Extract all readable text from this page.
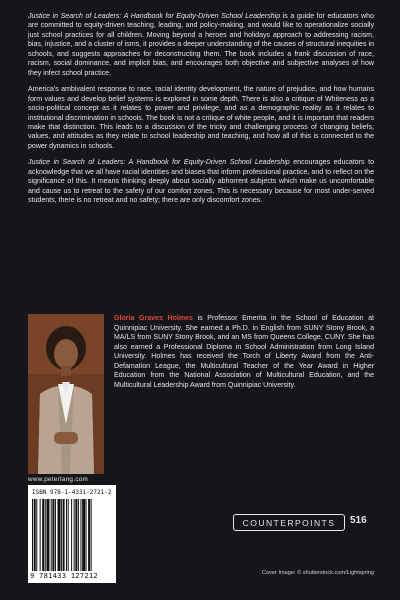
Justice in Search of Leaders: A Handbook for Equity-Driven School Leadership is a guide for educators who are committed to equity-driven teaching, leading, and policy-making, and would like to operationalize socially just school practices for all children. Moving beyond a heroes and holidays approach to addressing racism, bias, injustice, and a cluster of isms, it provides a deeper understanding of the causes of structural inequities in schools, and suggests approaches for deconstructing them. The book includes a frank discussion of race, racism, social dominance, and implicit bias, and encourages both objective and subjective analyses of how they infect school practice.

America's ambivalent response to race, racial identity development, the nature of prejudice, and how humans form values and develop belief systems is explored in some depth. There is also a critique of Whiteness as a socio-political concept as it relates to power and privilege, and as a demographic reality as it relates to institutional discrimination in schools. The book is not a critique of white people, and it is important that readers make that distinction. This leads to a discussion of the tricky and challenging process of changing beliefs, values, and attitudes as they relate to school leadership and teaching, and how all of this is connected to the power dynamics in schools.

Justice in Search of Leaders: A Handbook for Equity-Driven School Leadership encourages educators to acknowledge that we all have racial identities and biases that inform professional practice, and to reflect on the significance of this. It means thinking deeply about socially abhorrent subjects which make us uncomfortable and cause us to retreat to the safety of our comfort zones. This is necessary because for most under-served students, there is no retreat and no safety; there are only discomfort zones.

Gloria Graves Holmes is Professor Emerita in the School of Education at Quinnipiac University. She earned a Ph.D. in English from SUNY Stony Brook, a MA/LS from SUNY Stony Brook, and an MS from Queens College, CUNY. She has also earned a Professional Diploma in School Administration from Long Island University. Holmes has received the Torch of Liberty Award from the Anti-Defamation League, the Multicultural Teacher of the Year Award in Higher Education from the National Association of Multicultural Education, and the Multicultural Leadership Award from Quinnipiac University.
www.peterlang.com
ISBN 978-1-4331-2721-2
9 781433 127212
COUNTERPOINTS	516
Cover Image: © shutterstock.com/Lightspring
